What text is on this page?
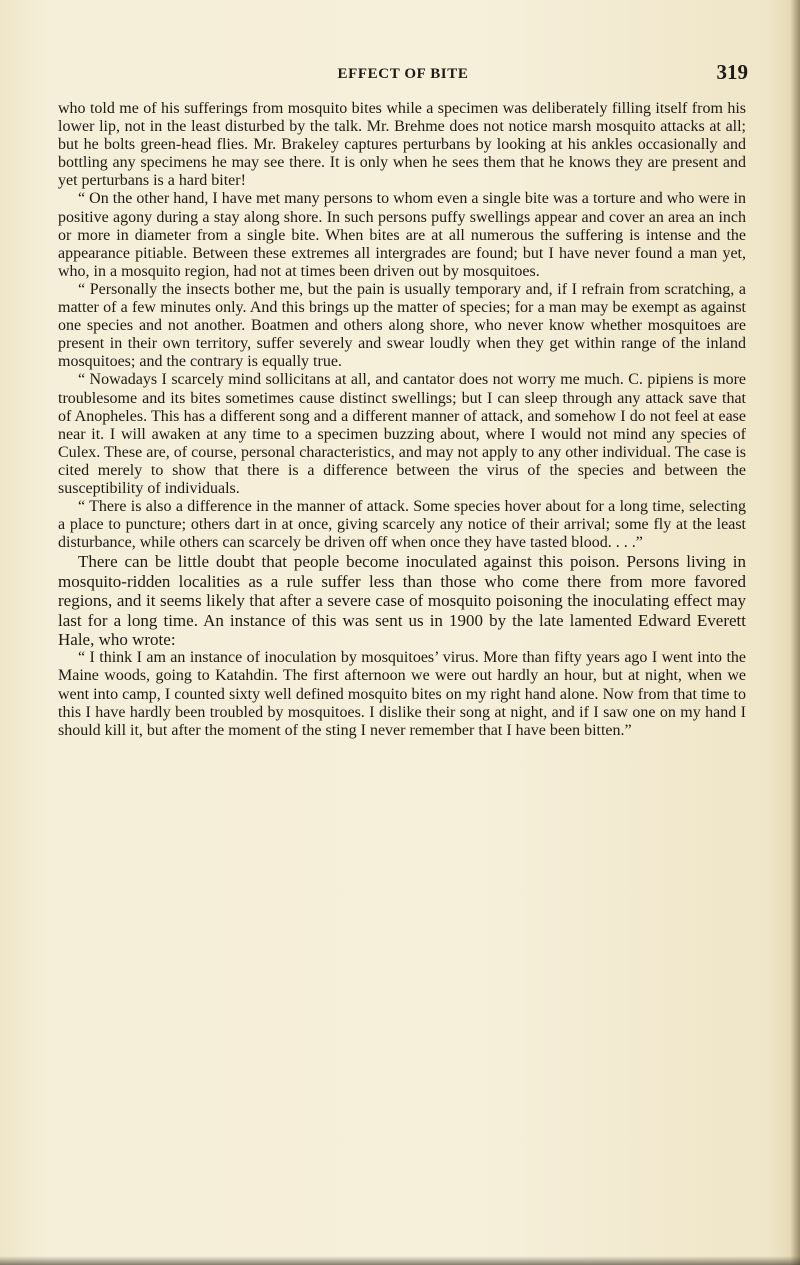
EFFECT OF BITE	319

who told me of his sufferings from mosquito bites while a specimen was deliberately filling itself from his lower lip, not in the least disturbed by the talk. Mr. Brehme does not notice marsh mosquito attacks at all; but he bolts green-head flies. Mr. Brakeley captures perturbans by looking at his ankles occasionally and bottling any specimens he may see there. It is only when he sees them that he knows they are present and yet perturbans is a hard biter!

“ On the other hand, I have met many persons to whom even a single bite was a torture and who were in positive agony during a stay along shore. In such persons puffy swellings appear and cover an area an inch or more in diameter from a single bite. When bites are at all numerous the suffering is intense and the appearance pitiable. Between these extremes all intergrades are found; but I have never found a man yet, who, in a mosquito region, had not at times been driven out by mosquitoes.

“ Personally the insects bother me, but the pain is usually temporary and, if I refrain from scratching, a matter of a few minutes only. And this brings up the matter of species; for a man may be exempt as against one species and not another. Boatmen and others along shore, who never know whether mosquitoes are present in their own territory, suffer severely and swear loudly when they get within range of the inland mosquitoes; and the contrary is equally true.

“ Nowadays I scarcely mind sollicitans at all, and cantator does not worry me much. C. pipiens is more troublesome and its bites sometimes cause distinct swellings; but I can sleep through any attack save that of Anopheles. This has a different song and a different manner of attack, and somehow I do not feel at ease near it. I will awaken at any time to a specimen buzzing about, where I would not mind any species of Culex. These are, of course, personal characteristics, and may not apply to any other individual. The case is cited merely to show that there is a difference between the virus of the species and between the susceptibility of individuals.

“ There is also a difference in the manner of attack. Some species hover about for a long time, selecting a place to puncture; others dart in at once, giving scarcely any notice of their arrival; some fly at the least disturbance, while others can scarcely be driven off when once they have tasted blood. . . .”

There can be little doubt that people become inoculated against this poison. Persons living in mosquito-ridden localities as a rule suffer less than those who come there from more favored regions, and it seems likely that after a severe case of mosquito poisoning the inoculating effect may last for a long time. An instance of this was sent us in 1900 by the late lamented Edward Everett Hale, who wrote:

“ I think I am an instance of inoculation by mosquitoes’ virus. More than fifty years ago I went into the Maine woods, going to Katahdin. The first afternoon we were out hardly an hour, but at night, when we went into camp, I counted sixty well defined mosquito bites on my right hand alone. Now from that time to this I have hardly been troubled by mosquitoes. I dislike their song at night, and if I saw one on my hand I should kill it, but after the moment of the sting I never remember that I have been bitten.”
